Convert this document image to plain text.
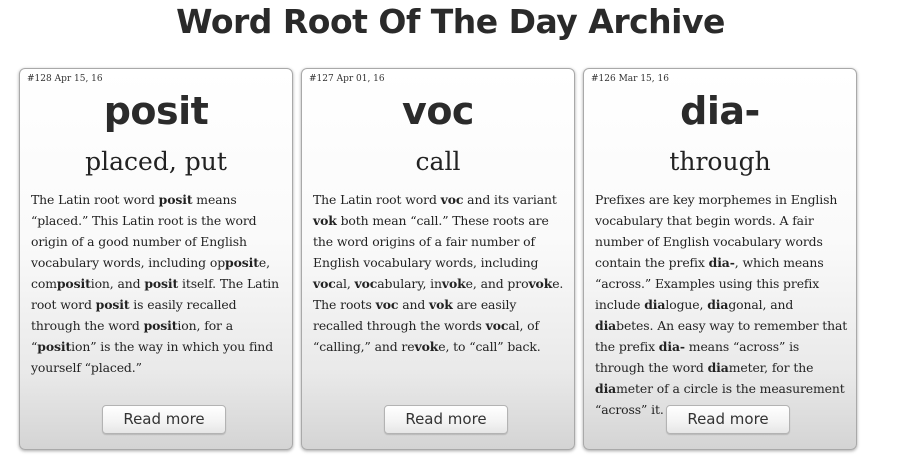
Word Root Of The Day Archive
#128 Apr 15, 16
posit
placed, put
The Latin root word posit means “placed.” This Latin root is the word origin of a good number of English vocabulary words, including opposite, composition, and posit itself. The Latin root word posit is easily recalled through the word position, for a “position” is the way in which you find yourself “placed.”
Read more
#127 Apr 01, 16
voc
call
The Latin root word voc and its variant vok both mean “call.” These roots are the word origins of a fair number of English vocabulary words, including vocal, vocabulary, invoke, and provoke. The roots voc and vok are easily recalled through the words vocal, of “calling,” and revoke, to “call” back.
Read more
#126 Mar 15, 16
dia-
through
Prefixes are key morphemes in English vocabulary that begin words. A fair number of English vocabulary words contain the prefix dia-, which means “across.” Examples using this prefix include dialogue, diagonal, and diabetes. An easy way to remember that the prefix dia- means “across” is through the word diameter, for the diameter of a circle is the measurement “across” it.
Read more
